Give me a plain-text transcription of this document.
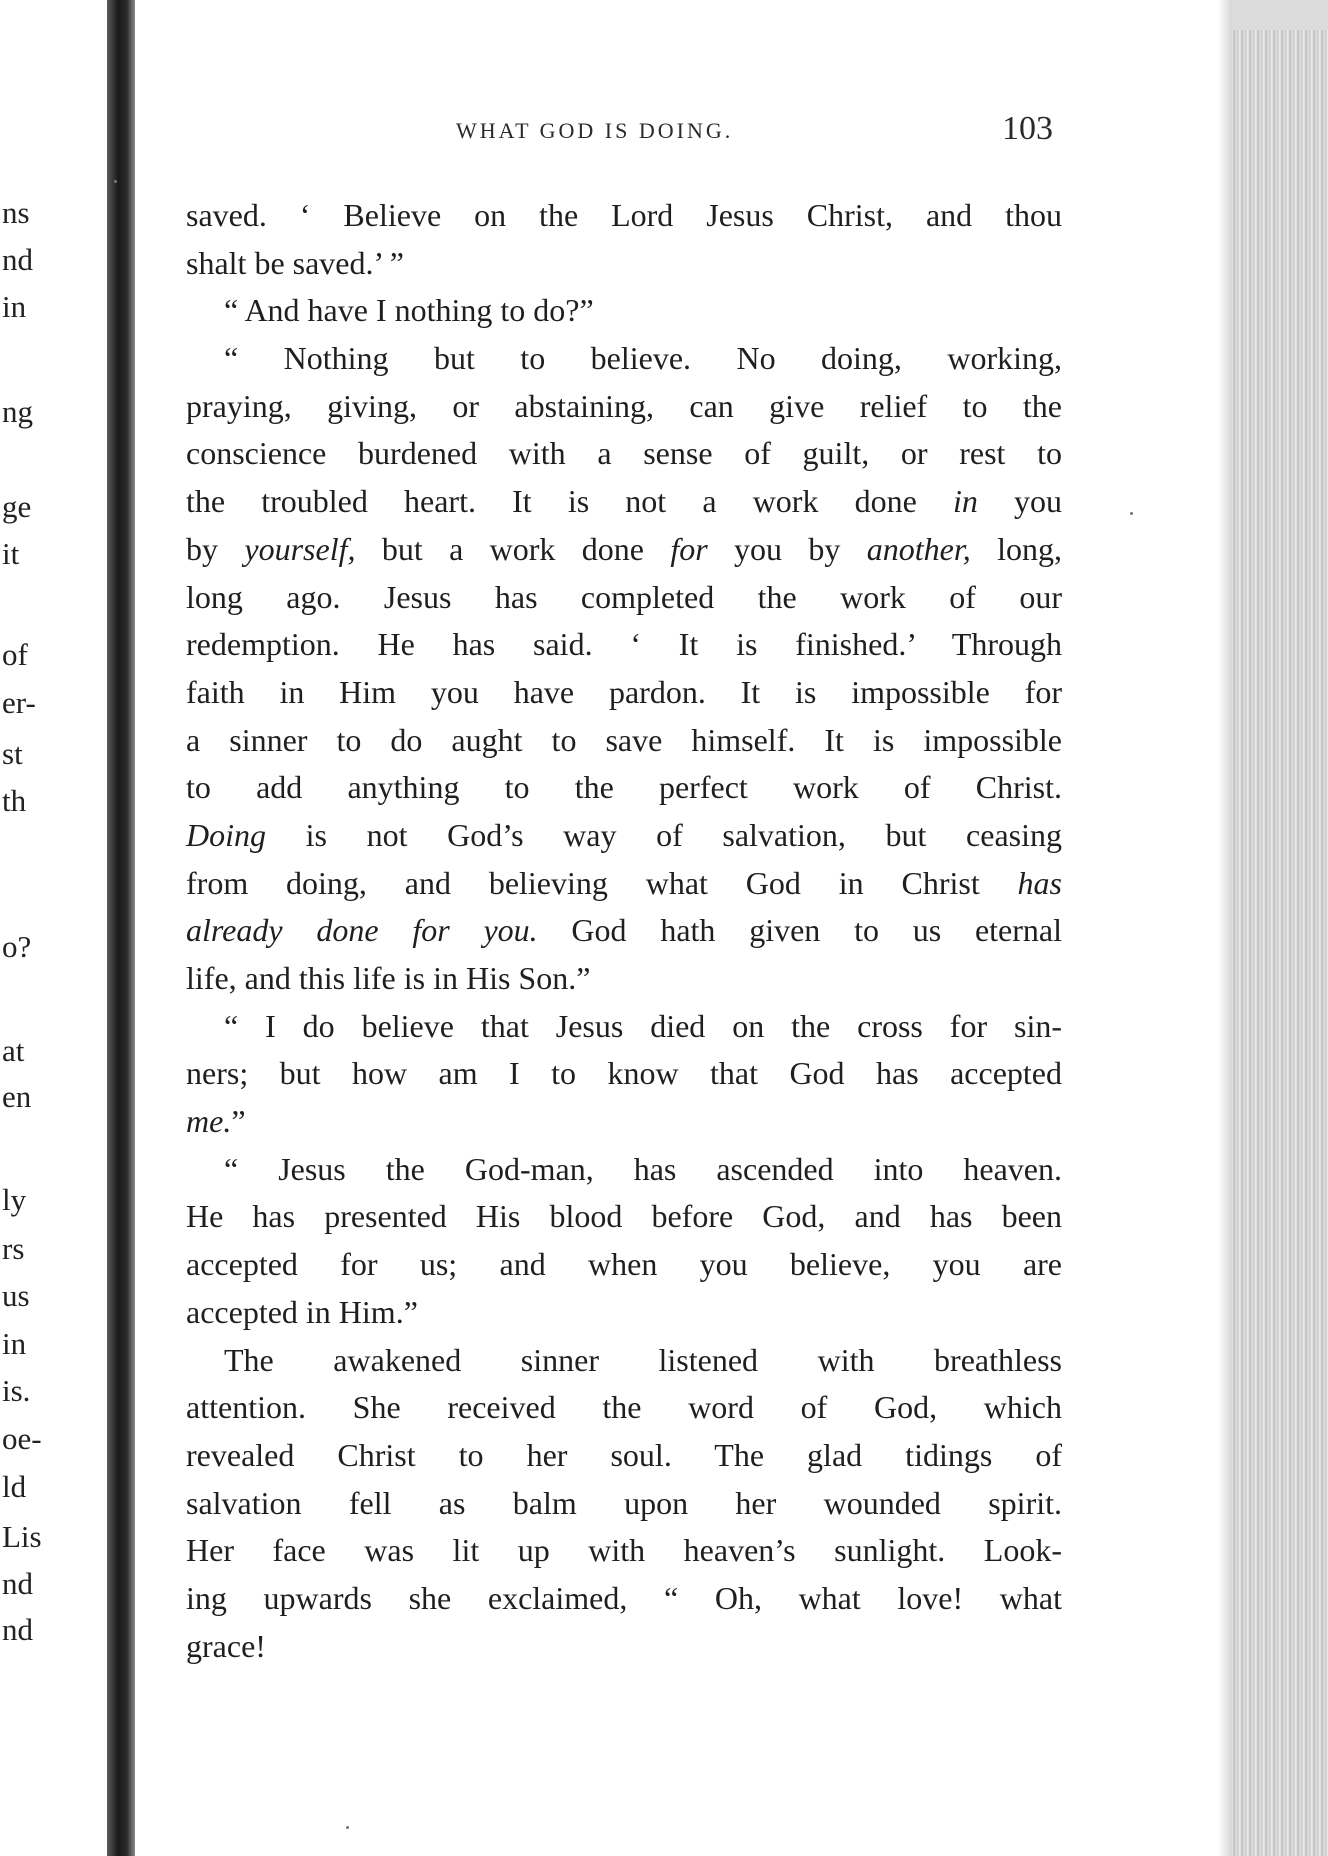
ns
nd
in
ng
ge
it
of
er-
st
th
o?
at
en
ly
rs
us
in
is.
oe-
ld
Lis
nd
nd
WHAT GOD IS DOING.	103
saved. ‘ Believe on the Lord Jesus Christ, and thou
shalt be saved.’ ”
“ And have I nothing to do?”
“ Nothing but to believe. No doing, working,
praying, giving, or abstaining, can give relief to the
conscience burdened with a sense of guilt, or rest to
the troubled heart. It is not a work done in you
by yourself, but a work done for you by another, long,
long ago. Jesus has completed the work of our
redemption. He has said. ‘ It is finished.’ Through
faith in Him you have pardon. It is impossible for
a sinner to do aught to save himself. It is impossible
to add anything to the perfect work of Christ.
Doing is not God’s way of salvation, but ceasing
from doing, and believing what God in Christ has
already done for you. God hath given to us eternal
life, and this life is in His Son.”
“ I do believe that Jesus died on the cross for sin-
ners; but how am I to know that God has accepted
me.”
“ Jesus the God-man, has ascended into heaven.
He has presented His blood before God, and has been
accepted for us; and when you believe, you are
accepted in Him.”
The awakened sinner listened with breathless
attention. She received the word of God, which
revealed Christ to her soul. The glad tidings of
salvation fell as balm upon her wounded spirit.
Her face was lit up with heaven’s sunlight. Look-
ing upwards she exclaimed, “ Oh, what love! what
grace!
